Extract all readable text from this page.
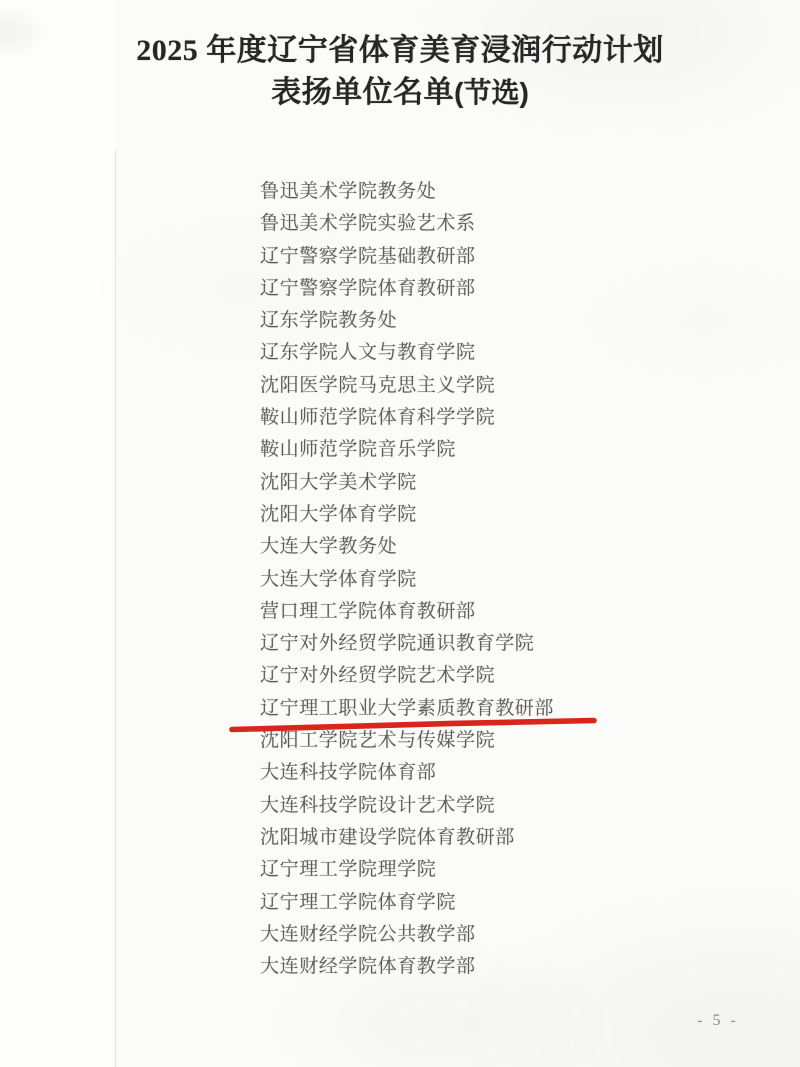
2025 年度辽宁省体育美育浸润行动计划
表扬单位名单(节选)
鲁迅美术学院教务处
鲁迅美术学院实验艺术系
辽宁警察学院基础教研部
辽宁警察学院体育教研部
辽东学院教务处
辽东学院人文与教育学院
沈阳医学院马克思主义学院
鞍山师范学院体育科学学院
鞍山师范学院音乐学院
沈阳大学美术学院
沈阳大学体育学院
大连大学教务处
大连大学体育学院
营口理工学院体育教研部
辽宁对外经贸学院通识教育学院
辽宁对外经贸学院艺术学院
辽宁理工职业大学素质教育教研部
沈阳工学院艺术与传媒学院
大连科技学院体育部
大连科技学院设计艺术学院
沈阳城市建设学院体育教研部
辽宁理工学院理学院
辽宁理工学院体育学院
大连财经学院公共教学部
大连财经学院体育教学部
- 5 -
